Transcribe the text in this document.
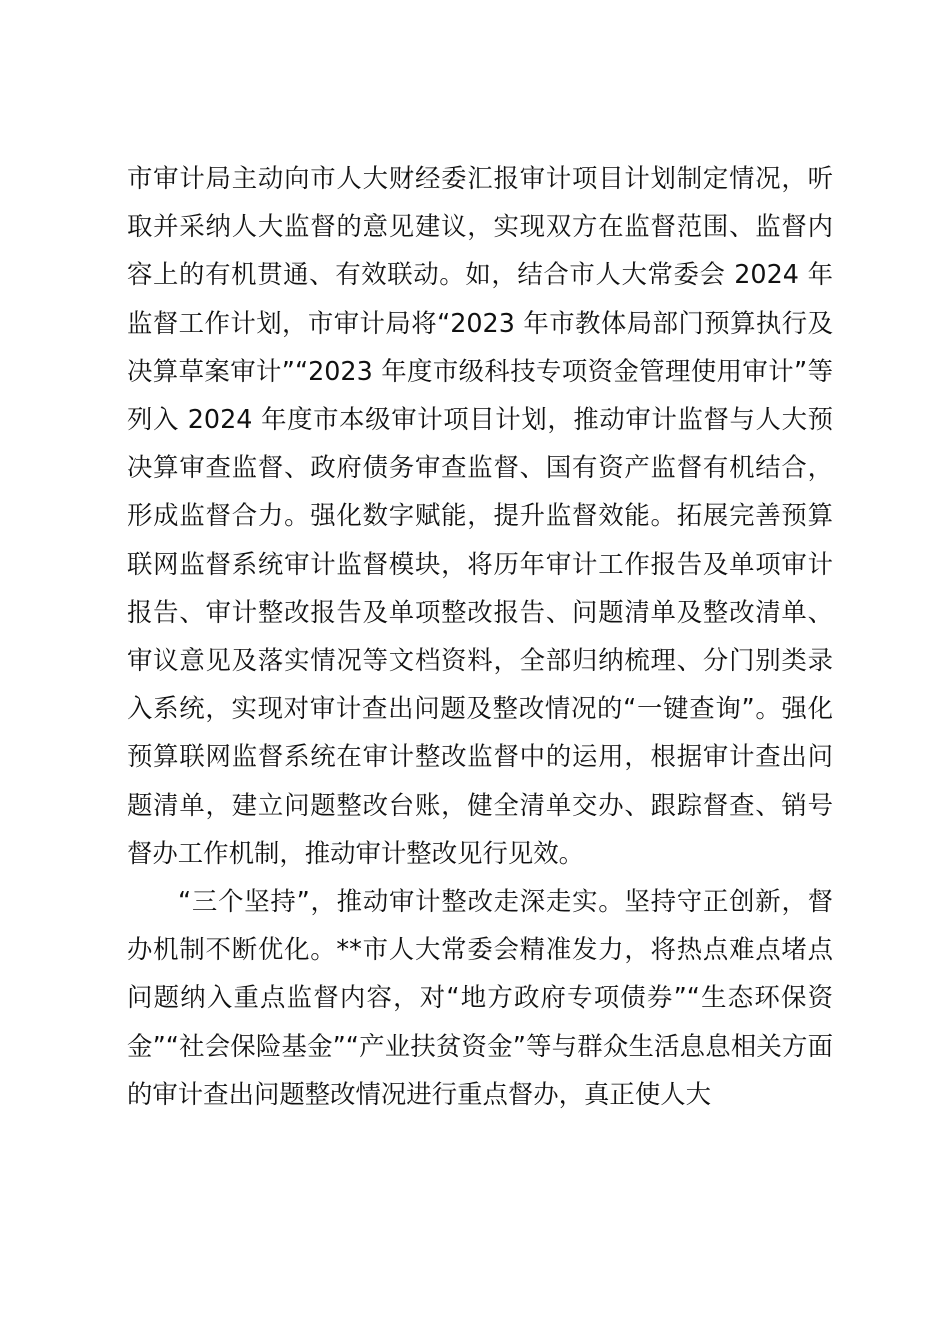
市审计局主动向市人大财经委汇报审计项目计划制定情况，听取并采纳人大监督的意见建议，实现双方在监督范围、监督内容上的有机贯通、有效联动。如，结合市人大常委会 2024 年监督工作计划，市审计局将“2023 年市教体局部门预算执行及决算草案审计”“2023 年度市级科技专项资金管理使用审计”等列入 2024 年度市本级审计项目计划，推动审计监督与人大预决算审查监督、政府债务审查监督、国有资产监督有机结合，形成监督合力。强化数字赋能，提升监督效能。拓展完善预算联网监督系统审计监督模块，将历年审计工作报告及单项审计报告、审计整改报告及单项整改报告、问题清单及整改清单、审议意见及落实情况等文档资料，全部归纳梳理、分门别类录入系统，实现对审计查出问题及整改情况的“一键查询”。强化预算联网监督系统在审计整改监督中的运用，根据审计查出问题清单，建立问题整改台账，健全清单交办、跟踪督查、销号督办工作机制，推动审计整改见行见效。

“三个坚持”，推动审计整改走深走实。坚持守正创新，督办机制不断优化。**市人大常委会精准发力，将热点难点堵点问题纳入重点监督内容，对“地方政府专项债券”“生态环保资金”“社会保险基金”“产业扶贫资金”等与群众生活息息相关方面的审计查出问题整改情况进行重点督办，真正使人大
